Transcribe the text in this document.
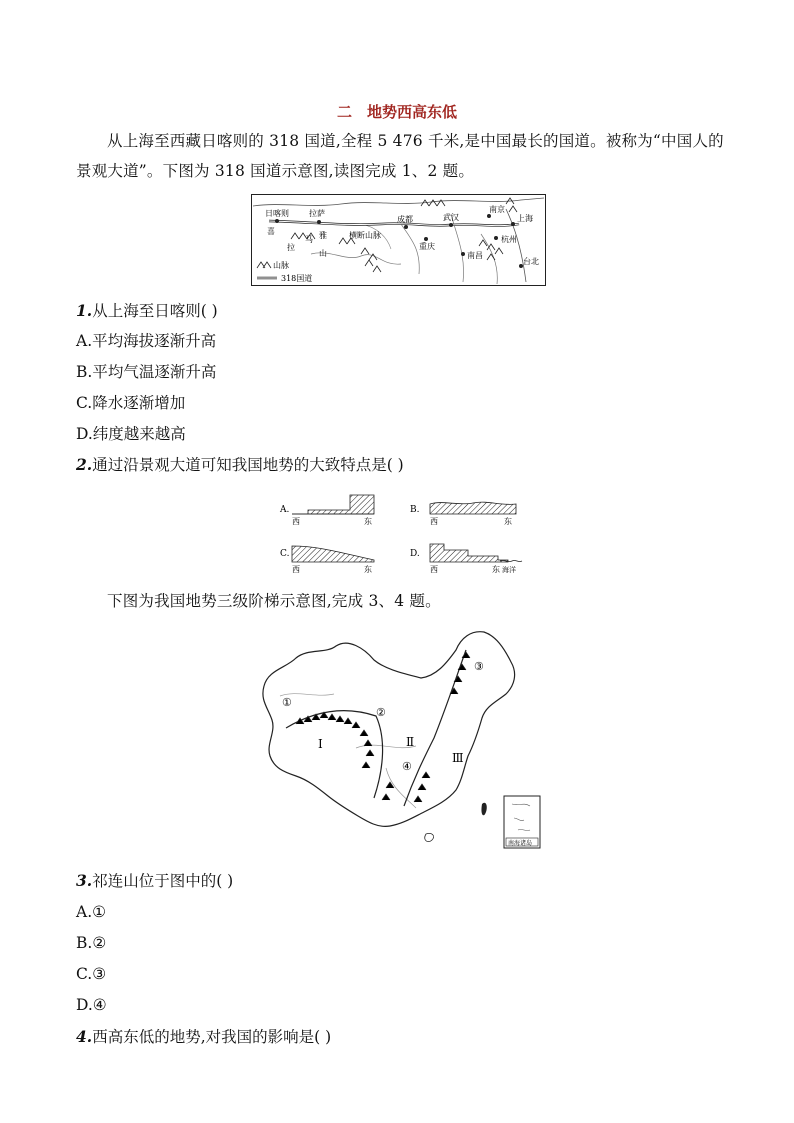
二　地势西高东低
从上海至西藏日喀则的 318 国道,全程 5 476 千米,是中国最长的国道。被称为“中国人的景观大道”。下图为 318 国道示意图,读图完成 1、2 题。
山脉
318国道
日喀则	拉萨
成都	武汉
南京
上海
杭州
重庆
南昌
台北
喜
马
拉
雅
山
横断山脉
1.从上海至日喀则( )
A.平均海拔逐渐升高
B.平均气温逐渐升高
C.降水逐渐增加
D.纬度越来越高
2.通过沿景观大道可知我国地势的大致特点是( )
A.
西	东
B.
西	东
C.
西	东
D.
西	东 海洋
下图为我国地势三级阶梯示意图,完成 3、4 题。
南海诸岛
①
②
③
④
Ⅰ	Ⅱ
Ⅲ
3.祁连山位于图中的( )
A.①
B.②
C.③
D.④
4.西高东低的地势,对我国的影响是( )
